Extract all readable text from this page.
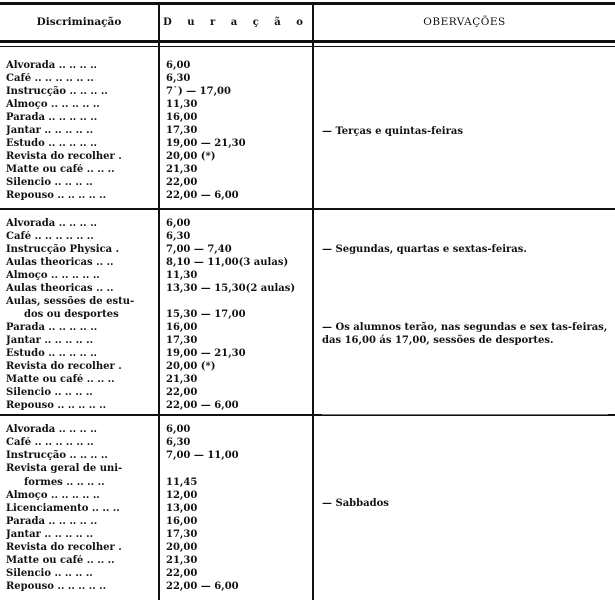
Discriminação	D u r a ç ã o	OBERVAÇÕES
Alvorada .. .. .. ..	6,00
Café .. .. .. .. .. ..	6,30
Instrucção .. .. .. ..	7`) — 17,00
Almoço .. .. .. .. ..	11,30
Parada .. .. .. .. ..	16,00
Jantar .. .. .. .. ..	17,30
Estudo .. .. .. .. ..	19,00 — 21,30
Revista do recolher .	20,00 (*)
Matte ou café .. .. ..	21,30
Silencio .. .. .. ..	22,00
Repouso .. .. .. .. ..	22,00 — 6,00
— Terças e quintas-feiras
Alvorada .. .. .. ..	6,00
Café .. .. .. .. .. ..	6,30
Instrucção Physica .	7,00 — 7,40
Aulas theoricas .. ..	8,10 — 11,00(3 aulas)
Almoço .. .. .. .. ..	11,30
Aulas theoricas .. ..	13,30 — 15,30(2 aulas)
Aulas, sessões de estu-
dos ou desportes	15,30 — 17,00
Parada .. .. .. .. ..	16,00
Jantar .. .. .. .. ..	17,30
Estudo .. .. .. .. ..	19,00 — 21,30
Revista do recolher .	20,00 (*)
Matte ou café .. .. ..	21,30
Silencio .. .. .. ..	22,00
Repouso .. .. .. .. ..	22,00 — 6,00
— Segundas, quartas e sextas-feiras.
— Os alumnos terão, nas segundas e sex tas-feiras, das 16,00 ás 17,00, sessões de desportes.
Alvorada .. .. .. ..	6,00
Café .. .. .. .. .. ..	6,30
Instrucção .. .. .. ..	7,00 — 11,00
Revista geral de uni-
formes .. .. .. ..	11,45
Almoço .. .. .. .. ..	12,00
Licenciamento .. .. ..	13,00
Parada .. .. .. .. ..	16,00
Jantar .. .. .. .. ..	17,30
Revista do recolher .	20,00
Matte ou café .. .. ..	21,30
Silencio .. .. .. ..	22,00
Repouso .. .. .. .. ..	22,00 — 6,00
— Sabbados
